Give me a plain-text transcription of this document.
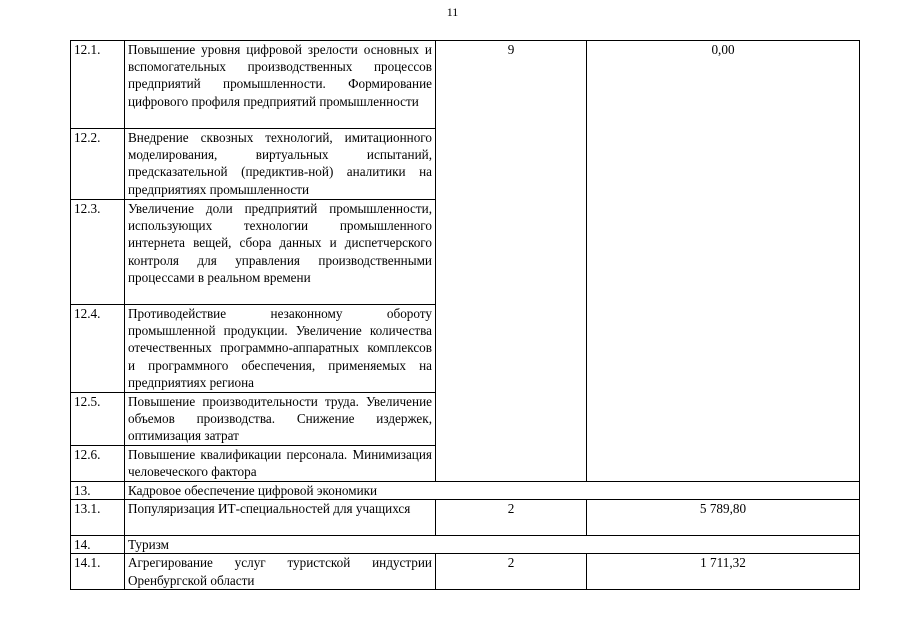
11
12.1.	Повышение уровня цифровой зрелости основных и вспомогательных производственных процессов предприятий промышленности. Формирование цифрового профиля предприятий промышленности	9	0,00
12.2.	Внедрение сквозных технологий, имитационного моделирования, виртуальных испытаний, предсказательной (предиктив-ной) аналитики на предприятиях промышленности		
12.3.	Увеличение доли предприятий промышленности, использующих технологии промышленного интернета вещей, сбора данных и диспетчерского контроля для управления производственными процессами в реальном времени		
12.4.	Противодействие незаконному обороту промышленной продукции. Увеличение количества отечественных программно-аппаратных комплексов и программного обеспечения, применяемых на предприятиях региона		
12.5.	Повышение производительности труда. Увеличение объемов производства. Снижение издержек, оптимизация затрат		
12.6.	Повышение квалификации персонала. Минимизация человеческого фактора		
13.	Кадровое обеспечение цифровой экономики		
13.1.	Популяризация ИТ-специальностей для учащихся	2	5 789,80
14.	Туризм		
14.1.	Агрегирование услуг туристской индустрии Оренбургской области	2	1 711,32
